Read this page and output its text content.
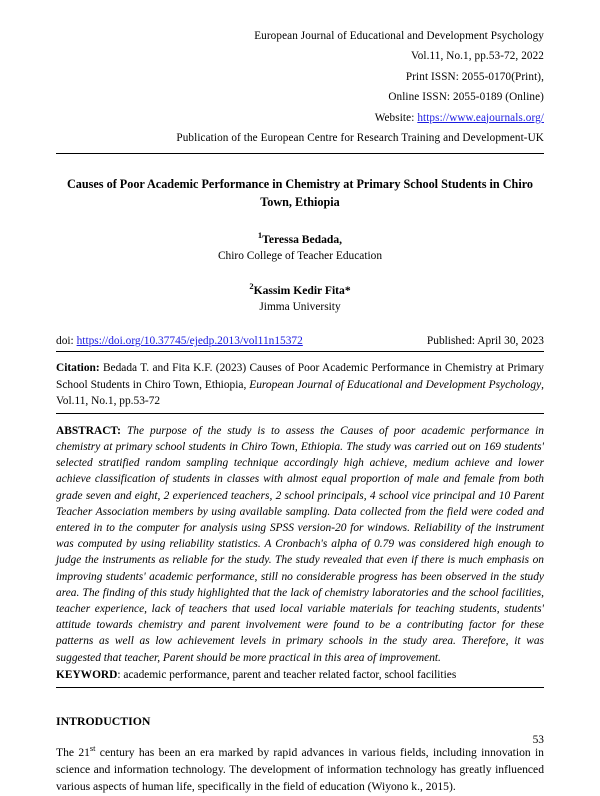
European Journal of Educational and Development Psychology
Vol.11, No.1, pp.53-72, 2022
Print ISSN: 2055-0170(Print),
Online ISSN: 2055-0189 (Online)
Website: https://www.eajournals.org/
Publication of the European Centre for Research Training and Development-UK
Causes of Poor Academic Performance in Chemistry at Primary School Students in Chiro Town, Ethiopia
$^1$Teressa Bedada,
Chiro College of Teacher Education
$^2$Kassim Kedir Fita*
Jimma University
doi: https://doi.org/10.37745/ejedp.2013/vol11n15372	Published: April 30, 2023
Citation: Bedada T. and Fita K.F. (2023) Causes of Poor Academic Performance in Chemistry at Primary School Students in Chiro Town, Ethiopia, European Journal of Educational and Development Psychology, Vol.11, No.1, pp.53-72
ABSTRACT: The purpose of the study is to assess the Causes of poor academic performance in chemistry at primary school students in Chiro Town, Ethiopia. The study was carried out on 169 students' selected stratified random sampling technique accordingly high achieve, medium achieve and lower achieve classification of students in classes with almost equal proportion of male and female from both grade seven and eight, 2 experienced teachers, 2 school principals, 4 school vice principal and 10 Parent Teacher Association members by using available sampling. Data collected from the field were coded and entered in to the computer for analysis using SPSS version-20 for windows. Reliability of the instrument was computed by using reliability statistics. A Cronbach's alpha of 0.79 was considered high enough to judge the instruments as reliable for the study. The study revealed that even if there is much emphasis on improving students' academic performance, still no considerable progress has been observed in the study area. The finding of this study highlighted that the lack of chemistry laboratories and the school facilities, teacher experience, lack of teachers that used local variable materials for teaching students, students' attitude towards chemistry and parent involvement were found to be a contributing factor for these patterns as well as low achievement levels in primary schools in the study area. Therefore, it was suggested that teacher, Parent should be more practical in this area of improvement.
KEYWORD: academic performance, parent and teacher related factor, school facilities
INTRODUCTION
The 21st century has been an era marked by rapid advances in various fields, including innovation in science and information technology. The development of information technology has greatly influenced various aspects of human life, specifically in the field of education (Wiyono k., 2015).
53
